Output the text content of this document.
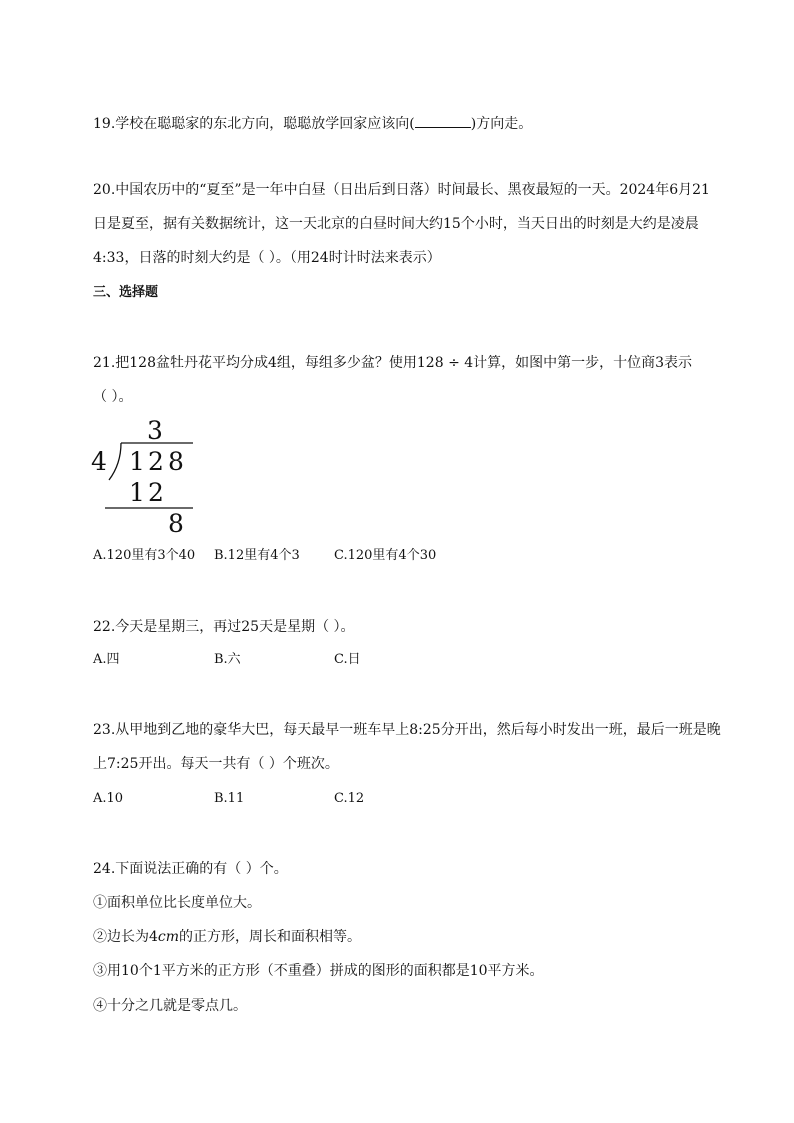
19.学校在聪聪家的东北方向，聪聪放学回家应该向(	)方向走。

20.中国农历中的“夏至”是一年中白昼（日出后到日落）时间最长、黑夜最短的一天。2024年6月21

日是夏至，据有关数据统计，这一天北京的白昼时间大约15个小时，当天日出的时刻是大约是凌晨

4:33，日落的时刻大约是（ ）。（用24时计时法来表示）

三、选择题

21.把128盆牡丹花平均分成4组，每组多少盆？使用128 ÷ 4计算，如图中第一步，十位商3表示

（ ）。

3
4 1 2 8
1 2
8

A.120里有3个40 B.12里有4个3	C.120里有4个30

22.今天是星期三，再过25天是星期（ ）。

A.四	B.六	C.日

23.从甲地到乙地的豪华大巴，每天最早一班车早上8:25分开出，然后每小时发出一班，最后一班是晚

上7:25开出。每天一共有（ ）个班次。

A.10	B.11	C.12

24.下面说法正确的有（ ）个。

①面积单位比长度单位大。

②边长为4cm的正方形，周长和面积相等。

③用10个1平方米的正方形（不重叠）拼成的图形的面积都是10平方米。

④十分之几就是零点几。
